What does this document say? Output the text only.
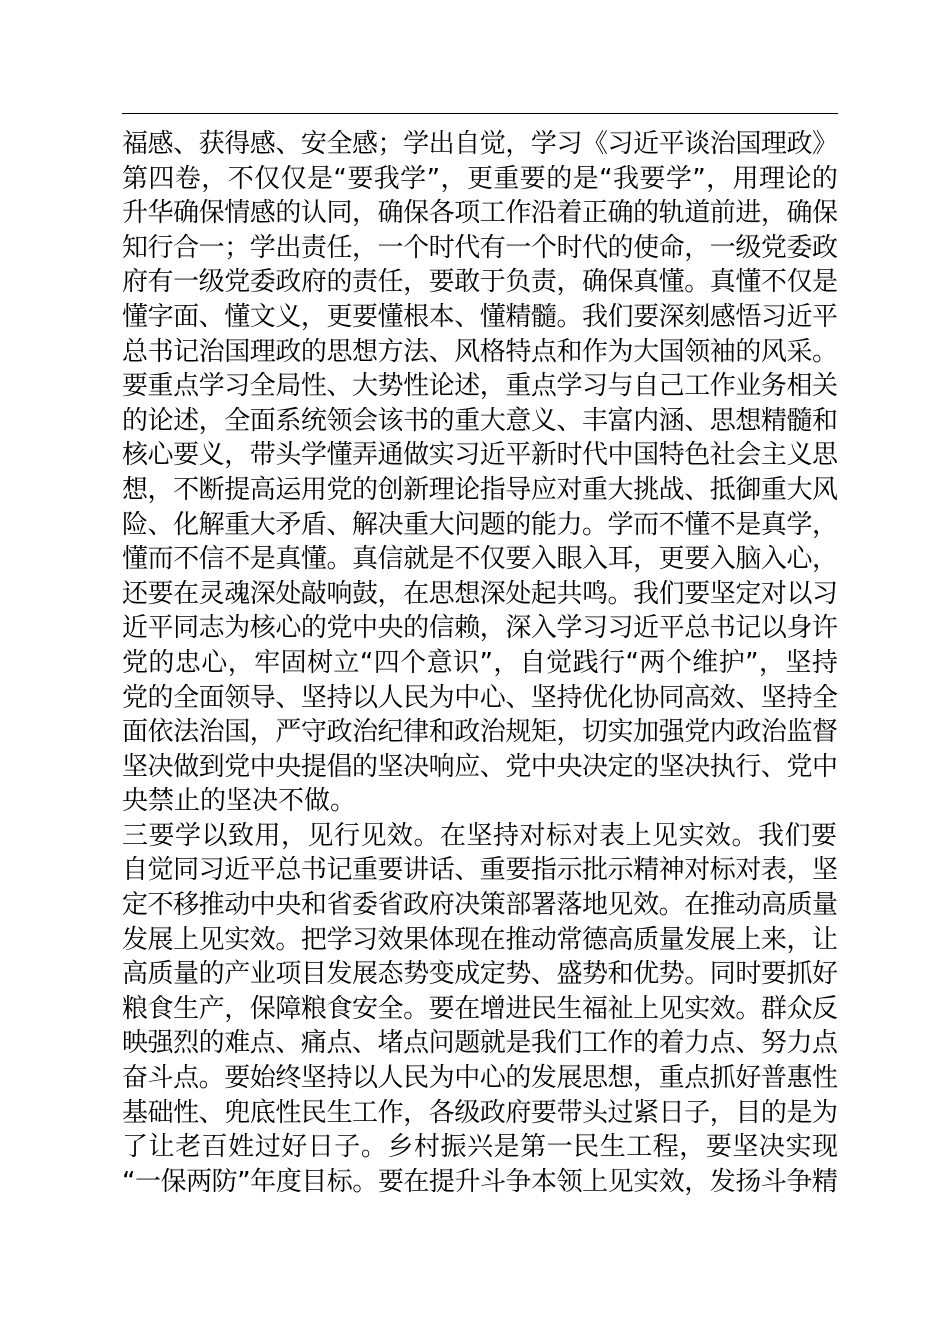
福感、获得感、安全感；学出自觉，学习《习近平谈治国理政》
第四卷，不仅仅是“要我学”，更重要的是“我要学”，用理论的
升华确保情感的认同，确保各项工作沿着正确的轨道前进，确保
知行合一；学出责任，一个时代有一个时代的使命，一级党委政
府有一级党委政府的责任，要敢于负责，确保真懂。真懂不仅是
懂字面、懂文义，更要懂根本、懂精髓。我们要深刻感悟习近平
总书记治国理政的思想方法、风格特点和作为大国领袖的风采。
要重点学习全局性、大势性论述，重点学习与自己工作业务相关
的论述，全面系统领会该书的重大意义、丰富内涵、思想精髓和
核心要义，带头学懂弄通做实习近平新时代中国特色社会主义思
想，不断提高运用党的创新理论指导应对重大挑战、抵御重大风
险、化解重大矛盾、解决重大问题的能力。学而不懂不是真学，
懂而不信不是真懂。真信就是不仅要入眼入耳，更要入脑入心，
还要在灵魂深处敲响鼓，在思想深处起共鸣。我们要坚定对以习
近平同志为核心的党中央的信赖，深入学习习近平总书记以身许
党的忠心，牢固树立“四个意识”，自觉践行“两个维护”，坚持
党的全面领导、坚持以人民为中心、坚持优化协同高效、坚持全
面依法治国，严守政治纪律和政治规矩，切实加强党内政治监督
坚决做到党中央提倡的坚决响应、党中央决定的坚决执行、党中
央禁止的坚决不做。
三要学以致用，见行见效。在坚持对标对表上见实效。我们要
自觉同习近平总书记重要讲话、重要指示批示精神对标对表，坚
定不移推动中央和省委省政府决策部署落地见效。在推动高质量
发展上见实效。把学习效果体现在推动常德高质量发展上来，让
高质量的产业项目发展态势变成定势、盛势和优势。同时要抓好
粮食生产，保障粮食安全。要在增进民生福祉上见实效。群众反
映强烈的难点、痛点、堵点问题就是我们工作的着力点、努力点
奋斗点。要始终坚持以人民为中心的发展思想，重点抓好普惠性
基础性、兜底性民生工作，各级政府要带头过紧日子，目的是为
了让老百姓过好日子。乡村振兴是第一民生工程，要坚决实现
“一保两防”年度目标。要在提升斗争本领上见实效，发扬斗争精
